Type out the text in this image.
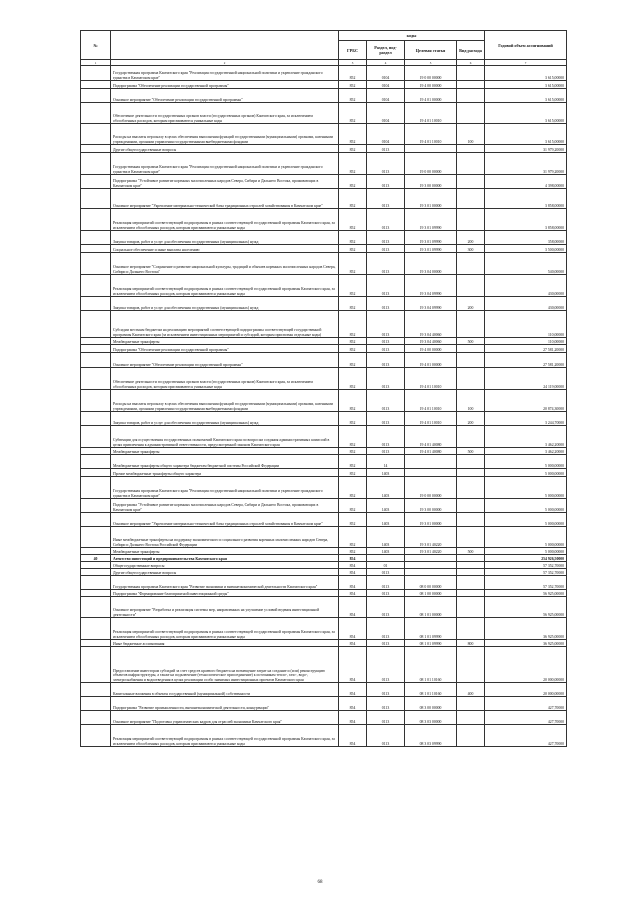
№		коды				Годовой объем ассигнований
		ГРБС	Раздел, под-раздел	Целевая статья	Вид расхода	
1	2	3	4	5	6	7
	Государственная программа Камчатского края "Реализация государственной национальной политики и укрепление гражданского единства в Камчатском крае"	852	0104	19 0 00 00000		3 615,00000
	Подпрограмма "Обеспечение реализации государственной программы"	852	0104	19 4 00 00000		3 615,00000
	Основное мероприятие "Обеспечение реализации государственной программы"	852	0104	19 4 01 00000		3 615,00000
	Обеспечение деятельности государственных органов власти (государственных органов) Камчатского края, за исключением обособленных расходов, которым присваиваются уникальные коды	852	0104	19 4 01 10010		3 615,00000
	Расходы на выплаты персоналу в целях обеспечения выполнения функций государственными (муниципальными) органами, казенными учреждениями, органами управления государственными внебюджетными фондами	852	0104	19 4 01 10010	100	3 615,00000
	Другие общегосударственные вопросы	852	0113			31 979,20000
	Государственная программа Камчатского края "Реализация государственной национальной политики и укрепление гражданского единства в Камчатском крае"	852	0113	19 0 00 00000		31 979,20000
	Подпрограмма "Устойчивое развитие коренных малочисленных народов Севера, Сибири и Дальнего Востока, проживающих в Камчатском крае"	852	0113	19 3 00 00000		4 398,00000
	Основное мероприятие "Укрепление материально-технической базы традиционных отраслей хозяйствования в Камчатском крае"	852	0113	19 3 01 00000		3 858,00000
	Реализация мероприятий соответствующей подпрограммы в рамках соответствующей государственной программы Камчатского края, за исключением обособленных расходов, которым присваиваются уникальные коды	852	0113	19 3 01 09990		3 858,00000
	Закупка товаров, работ и услуг для обеспечения государственных (муниципальных) нужд	852	0113	19 3 01 09990	200	358,00000
	Социальное обеспечение и иные выплаты населению	852	0113	19 3 01 09990	300	3 500,00000
	Основное мероприятие "Сохранение и развитие национальной культуры, традиций и обычаев коренных малочисленных народов Севера, Сибири и Дальнего Востока"	852	0113	19 3 04 00000		540,00000
	Реализация мероприятий соответствующей подпрограммы в рамках соответствующей государственной программы Камчатского края, за исключением обособленных расходов, которым присваиваются уникальные коды	852	0113	19 3 04 09990		430,00000
	Закупка товаров, работ и услуг для обеспечения государственных (муниципальных) нужд	852	0113	19 3 04 09990	200	430,00000
	Субсидии местным бюджетам на реализацию мероприятий соответствующей подпрограммы соответствующей государственной программы Камчатского края (за исключением инвестиционных мероприятий и субсидий, которым присвоены отдельные коды)	852	0113	19 3 04 40060		110,00000
	Межбюджетные трансферты	852	0113	19 3 04 40060	500	110,00000
	Подпрограмма "Обеспечение реализации государственной программы"	852	0113	19 4 00 00000		27 581,20000
	Основное мероприятие "Обеспечение реализации государственной программы"	852	0113	19 4 01 00000		27 581,20000
	Обеспечение деятельности государственных органов власти (государственных органов) Камчатского края, за исключением обособленных расходов, которым присваиваются уникальные коды	852	0113	19 4 01 10010		24 119,00000
	Расходы на выплаты персоналу в целях обеспечения выполнения функций государственными (муниципальными) органами, казенными учреждениями, органами управления государственными внебюджетными фондами	852	0113	19 4 01 10010	100	20 874,30000
	Закупка товаров, работ и услуг для обеспечения государственных (муниципальных) нужд	852	0113	19 4 01 10010	200	3 244,70000
	Субвенции для осуществления государственных полномочий Камчатского края по вопросам создания административных комиссий в целях привлечения к административной ответственности, предусмотренной законом Камчатского края	852	0113	19 4 01 40080		3 462,20000
	Межбюджетные трансферты	852	0113	19 4 01 40080	500	3 462,20000
	Межбюджетные трансферты общего характера бюджетам бюджетной системы Российской Федерации	852	14			5 000,00000
	Прочие межбюджетные трансферты общего характера	852	1403			5 000,00000
	Государственная программа Камчатского края "Реализация государственной национальной политики и укрепление гражданского единства в Камчатском крае"	852	1403	19 0 00 00000		5 000,00000
	Подпрограмма "Устойчивое развитие коренных малочисленных народов Севера, Сибири и Дальнего Востока, проживающих в Камчатском крае"	852	1403	19 3 00 00000		5 000,00000
	Основное мероприятие "Укрепление материально-технической базы традиционных отраслей хозяйствования в Камчатском крае"	852	1403	19 3 01 00000		5 000,00000
	Иные межбюджетные трансферты на поддержку экономического и социального развития коренных малочисленных народов Севера, Сибири и Дальнего Востока Российской Федерации	852	1403	19 3 01 40220		5 000,00000
	Межбюджетные трансферты	852	1403	19 3 01 40220	500	5 000,00000
40	Агентство инвестиций и предпринимательства Камчатского края	854				254 926,50000
	Общегосударственные вопросы	854	01			57 352,70000
	Другие общегосударственные вопросы	854	0113			57 352,70000
	Государственная программа Камчатского края "Развитие экономики и внешнеэкономической деятельности Камчатского края"	854	0113	08 0 00 00000		57 352,70000
	Подпрограмма "Формирование благоприятной инвестиционной среды"	854	0113	08 1 00 00000		56 925,00000
	Основное мероприятие "Разработка и реализация системы мер, направленных на улучшение условий ведения инвестиционной деятельности"	854	0113	08 1 01 00000		56 925,00000
	Реализация мероприятий соответствующей подпрограммы в рамках соответствующей государственной программы Камчатского края, за исключением обособленных расходов, которым присваиваются уникальные коды	854	0113	08 1 01 09990		36 925,00000
	Иные бюджетные ассигнования	854	0113	08 1 01 09990	800	36 925,00000
	Предоставление инвесторам субсидий за счет средств краевого бюджета на возмещение затрат на создание и (или) реконструкцию объектов инфраструктуры, а также на подключение (технологическое присоединение) к источникам тепло-, газо-, водо-, электроснабжения и водоотведения в целях реализации особо значимых инвестиционных проектов Камчатского края	854	0113	08 1 01 10160		20 000,00000
	Капитальные вложения в объекты государственной (муниципальной) собственности	854	0113	08 1 01 10160	400	20 000,00000
	Подпрограмма "Развитие промышленности, внешнеэкономической деятельности, конкуренции"	854	0113	08 3 00 00000		427,70000
	Основное мероприятие "Подготовка управленческих кадров для отраслей экономики Камчатского края"	854	0113	08 3 03 00000		427,70000
	Реализация мероприятий соответствующей подпрограммы в рамках соответствующей государственной программы Камчатского края, за исключением обособленных расходов, которым присваиваются уникальные коды	854	0113	08 3 03 09990		427,70000
68
